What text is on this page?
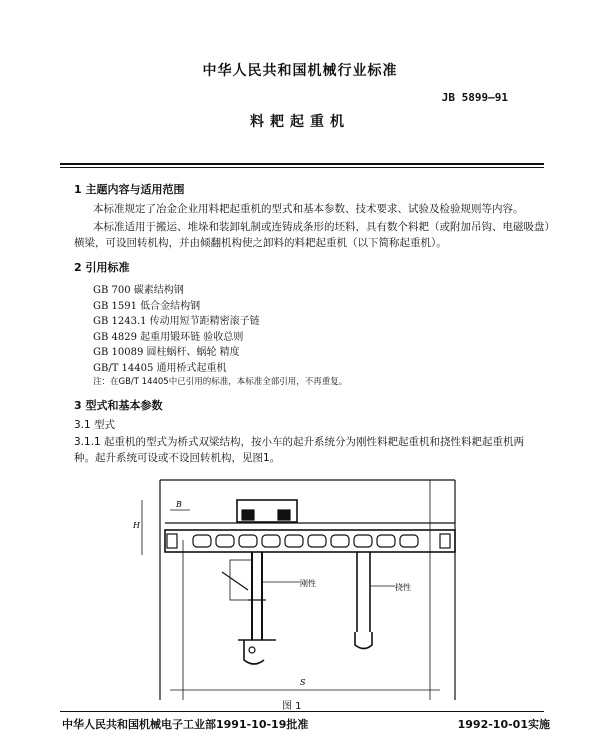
中华人民共和国机械行业标准
JB 5899—91
料耙起重机
1 主题内容与适用范围
本标准规定了冶金企业用料耙起重机的型式和基本参数、技术要求、试验及检验规则等内容。
本标准适用于搬运、堆垛和装卸轧制或连铸成条形的坯料，具有数个料耙（或附加吊钩、电磁吸盘）
横梁，可设回转机构，并由倾翻机构使之卸料的料耙起重机（以下简称起重机）。
2 引用标准
GB 700 碳素结构钢
GB 1591 低合金结构钢
GB 1243.1 传动用短节距精密滚子链
GB 4829 起重用锻环链 验收总则
GB 10089 圆柱蜗杆、蜗轮 精度
GB/T 14405 通用桥式起重机
注：在GB/T 14405中已引用的标准，本标准全部引用，不再重复。
3 型式和基本参数
3.1 型式
3.1.1 起重机的型式为桥式双梁结构，按小车的起升系统分为刚性料耙起重机和挠性料耙起重机两
种。起升系统可设或不设回转机构，见图1。
S
B
H
刚性	挠性
图 1
中华人民共和国机械电子工业部1991-10-19批准	1992-10-01实施
